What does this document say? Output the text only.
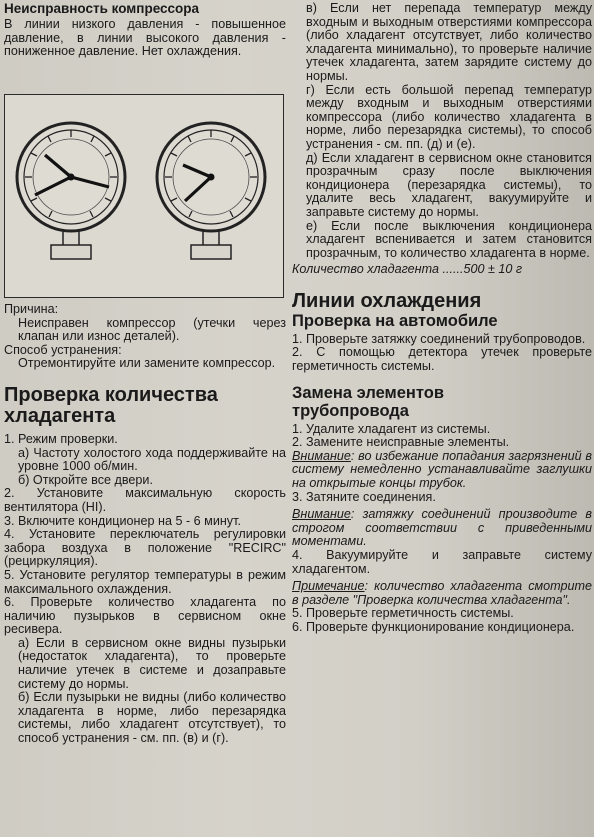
Неисправность компрессора

В линии низкого давления - повышенное давление, в линии высокого давления - пониженное давление. Нет охлаждения.

Причина:

Неисправен компрессор (утечки через клапан или износ деталей).

Способ устранения:

Отремонтируйте или замените компрессор.

Проверка количества хладагента

1. Режим проверки.

а) Частоту холостого хода поддерживайте на уровне 1000 об/мин.

б) Откройте все двери.

2. Установите максимальную скорость вентилятора (HI).

3. Включите кондиционер на 5 - 6 минут.

4. Установите переключатель регулировки забора воздуха в положение "RECIRC" (рециркуляция).

5. Установите регулятор температуры в режим максимального охлаждения.

6. Проверьте количество хладагента по наличию пузырьков в сервисном окне ресивера.

а) Если в сервисном окне видны пузырьки (недостаток хладагента), то проверьте наличие утечек в системе и дозаправьте систему до нормы.

б) Если пузырьки не видны (либо количество хладагента в норме, либо перезарядка системы, либо хладагент отсутствует), то способ устранения - см. пп. (в) и (г).

в) Если нет перепада температур между входным и выходным отверстиями компрессора (либо хладагент отсутствует, либо количество хладагента минимально), то проверьте наличие утечек хладагента, затем зарядите систему до нормы.

г) Если есть большой перепад температур между входным и выходным отверстиями компрессора (либо количество хладагента в норме, либо перезарядка системы), то способ устранения - см. пп. (д) и (е).

д) Если хладагент в сервисном окне становится прозрачным сразу после выключения кондиционера (перезарядка системы), то удалите весь хладагент, вакуумируйте и заправьте систему до нормы.

е) Если после выключения кондиционера хладагент вспенивается и затем становится прозрачным, то количество хладагента в норме.

Количество хладагента ......500 ± 10 г

Линии охлаждения

Проверка на автомобиле

1. Проверьте затяжку соединений трубопроводов.

2. С помощью детектора утечек проверьте герметичность системы.

Замена элементов трубопровода

1. Удалите хладагент из системы.

2. Замените неисправные элементы.

Внимание: во избежание попадания загрязнений в систему немедленно устанавливайте заглушки на открытые концы трубок.

3. Затяните соединения.

Внимание: затяжку соединений производите в строгом соответствии с приведенными моментами.

4. Вакуумируйте и заправьте систему хладагентом.

Примечание: количество хладагента смотрите в разделе "Проверка количества хладагента".

5. Проверьте герметичность системы.

6. Проверьте функционирование кондиционера.
